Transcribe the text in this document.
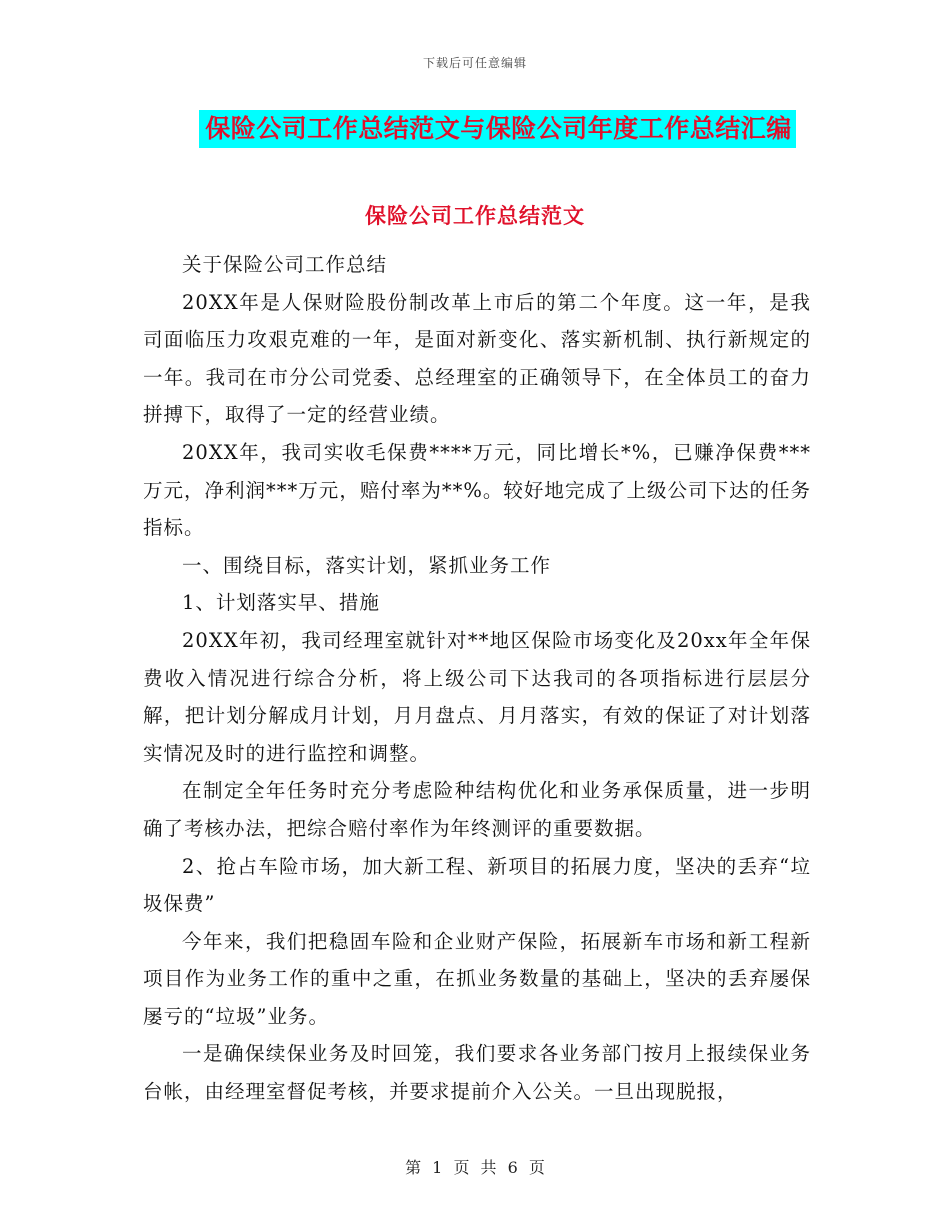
下载后可任意编辑
保险公司工作总结范文与保险公司年度工作总结汇编
保险公司工作总结范文

关于保险公司工作总结

20XX年是人保财险股份制改革上市后的第二个年度。这一年，是我司面临压力攻艰克难的一年，是面对新变化、落实新机制、执行新规定的一年。我司在市分公司党委、总经理室的正确领导下，在全体员工的奋力拼搏下，取得了一定的经营业绩。

20XX年，我司实收毛保费****万元，同比增长*%，已赚净保费***万元，净利润***万元，赔付率为**%。较好地完成了上级公司下达的任务指标。

一、围绕目标，落实计划，紧抓业务工作

1、计划落实早、措施

20XX年初，我司经理室就针对**地区保险市场变化及20xx年全年保费收入情况进行综合分析，将上级公司下达我司的各项指标进行层层分解，把计划分解成月计划，月月盘点、月月落实，有效的保证了对计划落实情况及时的进行监控和调整。

在制定全年任务时充分考虑险种结构优化和业务承保质量，进一步明确了考核办法，把综合赔付率作为年终测评的重要数据。

2、抢占车险市场，加大新工程、新项目的拓展力度，坚决的丢弃“垃圾保费”

今年来，我们把稳固车险和企业财产保险，拓展新车市场和新工程新项目作为业务工作的重中之重，在抓业务数量的基础上，坚决的丢弃屡保屡亏的“垃圾”业务。

一是确保续保业务及时回笼，我们要求各业务部门按月上报续保业务台帐，由经理室督促考核，并要求提前介入公关。一旦出现脱报，

第 1 页 共 6 页
